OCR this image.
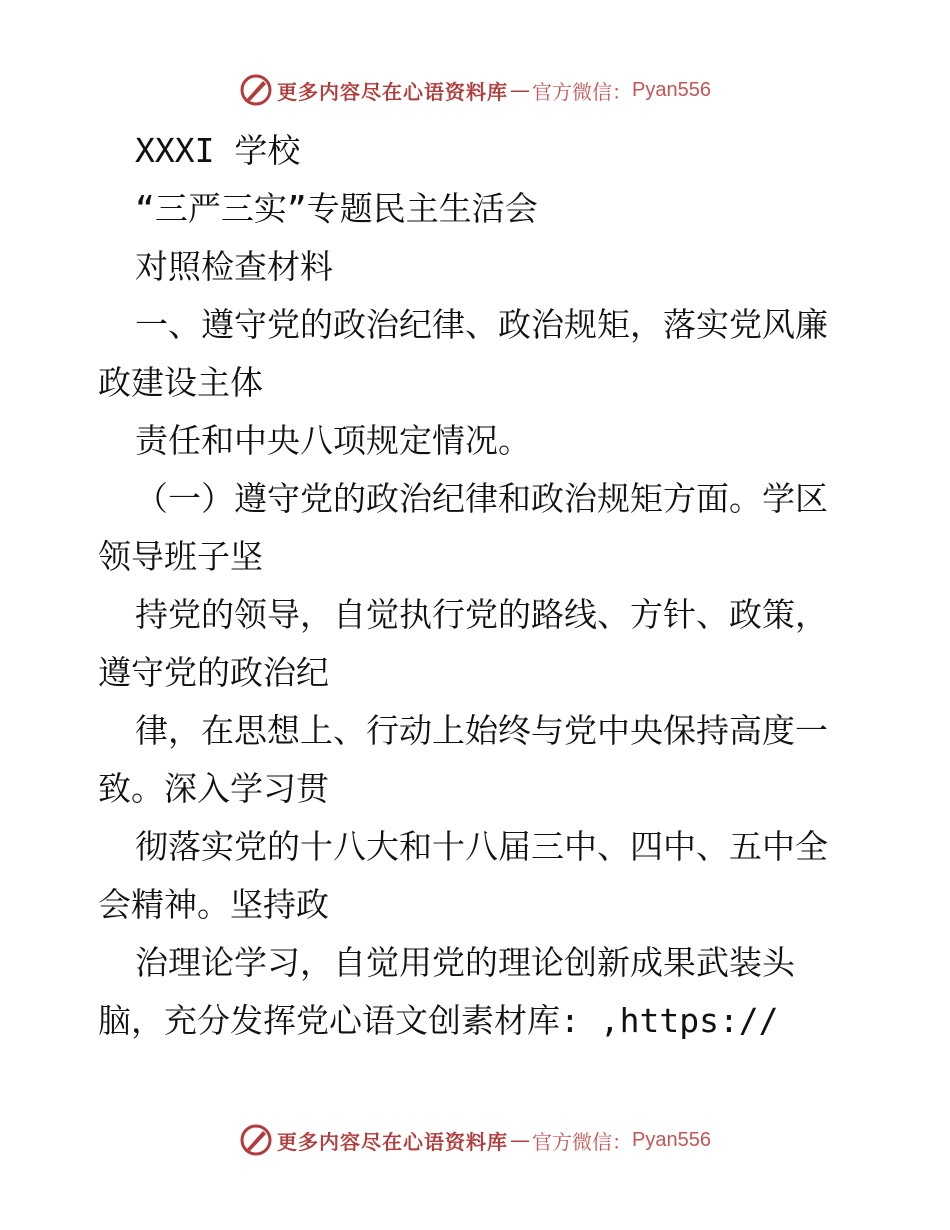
更多内容尽在心语资料库 — 官方微信： Pyan556
XXXI 学校
“三严三实”专题民主生活会
对照检查材料
一、遵守党的政治纪律、政治规矩，落实党风廉
政建设主体
责任和中央八项规定情况。
（一）遵守党的政治纪律和政治规矩方面。学区
领导班子坚
持党的领导，自觉执行党的路线、方针、政策，
遵守党的政治纪
律，在思想上、行动上始终与党中央保持高度一
致。深入学习贯
彻落实党的十八大和十八届三中、四中、五中全
会精神。坚持政
治理论学习，自觉用党的理论创新成果武装头
脑，充分发挥党心语文创素材库: ,https://
更多内容尽在心语资料库 — 官方微信： Pyan556
